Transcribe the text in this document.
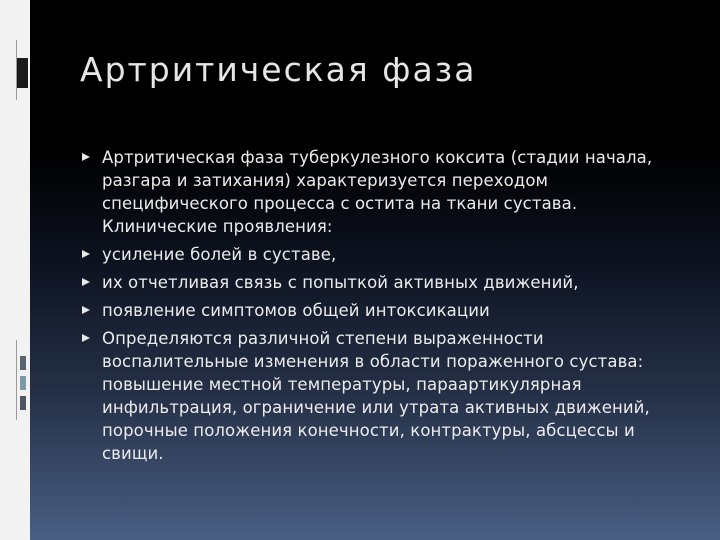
Артритическая фаза
Артритическая фаза туберкулезного коксита (стадии начала, разгара и затихания) характеризуется переходом специфического процесса с остита на ткани сустава. Клинические проявления:
усиление болей в суставе,
их отчетливая связь с попыткой активных движений,
появление симптомов общей интоксикации
Определяются различной степени выраженности воспалительные изменения в области пораженного сустава: повышение местной температуры, параартикулярная инфильтрация, ограничение или утрата активных движений, порочные положения конечности, контрактуры, абсцессы и свищи.
